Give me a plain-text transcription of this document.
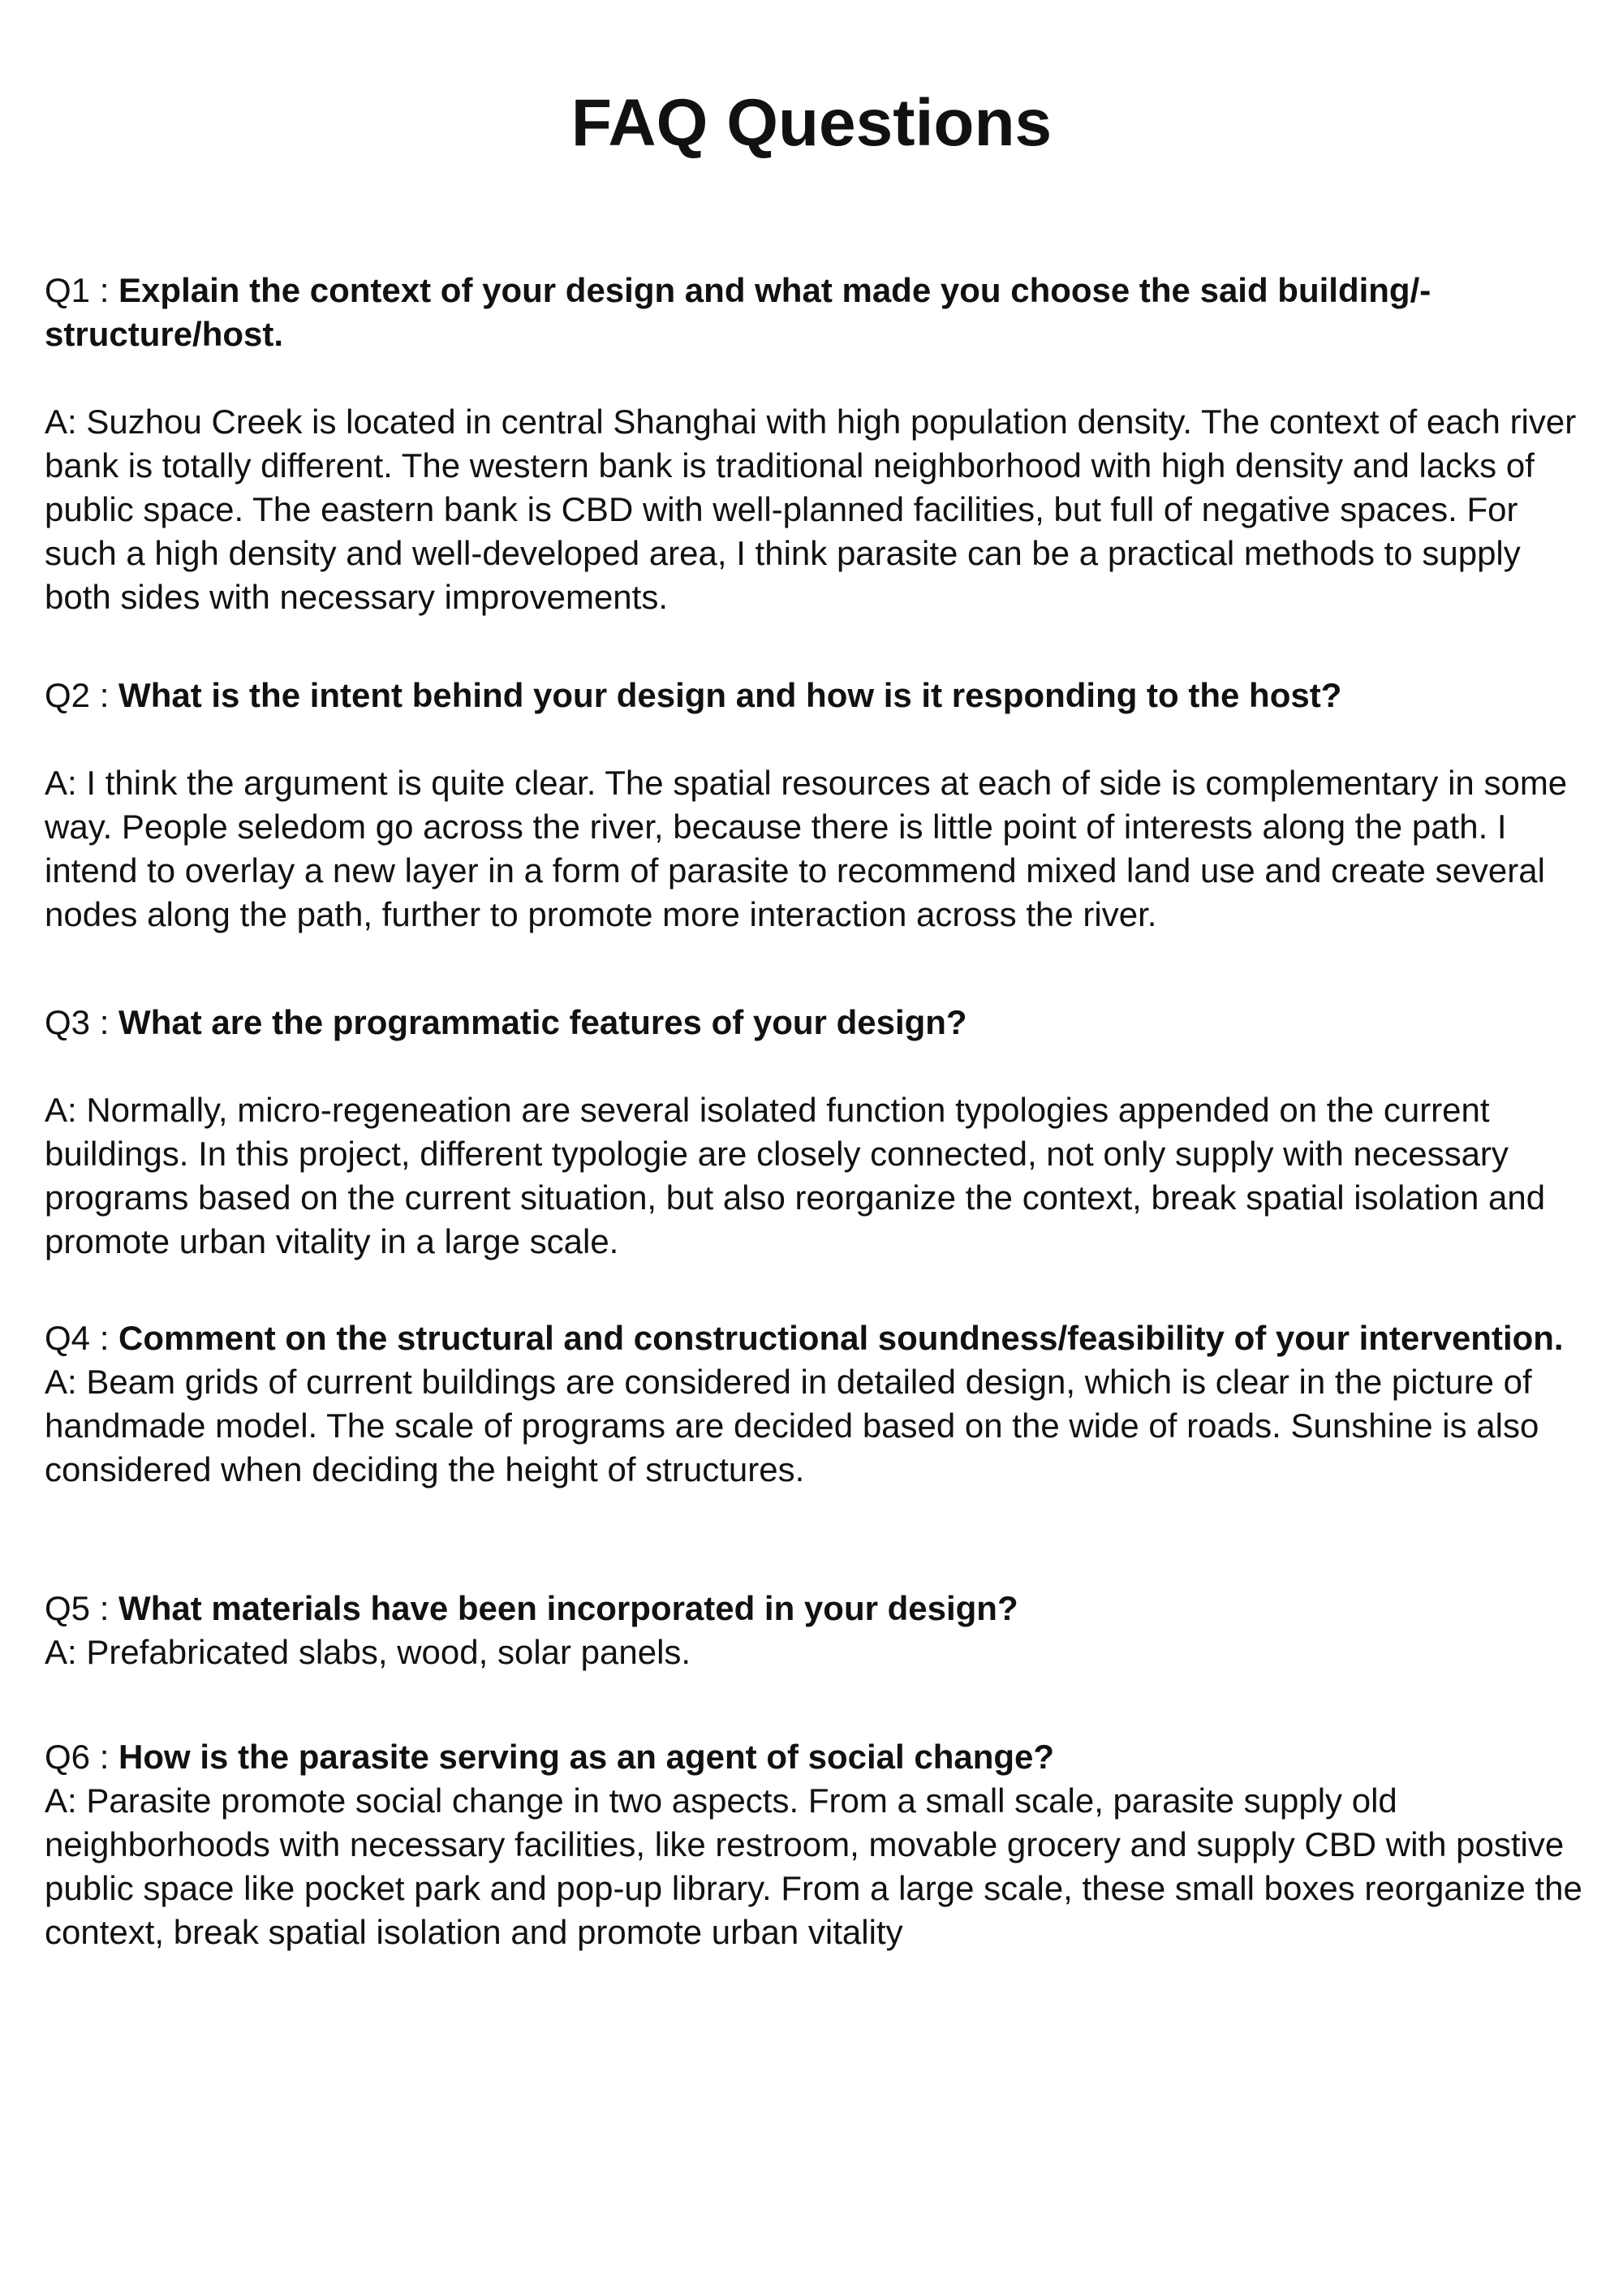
FAQ Questions

Q1 : Explain the context of your design and what made you choose the said building/-structure/host.

A: Suzhou Creek is located in central Shanghai with high population density. The context of each river bank is totally different. The western bank is traditional neighborhood with high density and lacks of public space. The eastern bank is CBD with well-planned facilities, but full of negative spaces. For such a high density and well-developed area, I think parasite can be a practical methods to supply both sides with necessary improvements.

Q2 : What is the intent behind your design and how is it responding to the host?

A: I think the argument is quite clear. The spatial resources at each of side is complementary in some way. People seledom go across the river, because there is little point of interests along the path. I intend to overlay a new layer in a form of parasite to recommend mixed land use and create several nodes along the path, further to promote more interaction across the river.

Q3 : What are the programmatic features of your design?

A: Normally, micro-regeneation are several isolated function typologies appended on the current buildings. In this project, different typologie are closely connected, not only supply with necessary programs based on the current situation, but also reorganize the context, break spatial isolation and promote urban vitality in a large scale.

Q4 : Comment on the structural and constructional soundness/feasibility of your intervention.

A: Beam grids of current buildings are considered in detailed design, which is clear in the picture of handmade model. The scale of programs are decided based on the wide of roads. Sunshine is also considered when deciding the height of structures.

Q5 : What materials have been incorporated in your design?

A: Prefabricated slabs, wood, solar panels.

Q6 : How is the parasite serving as an agent of social change?

A: Parasite promote social change in two aspects. From a small scale, parasite supply old neighborhoods with necessary facilities, like restroom, movable grocery and supply CBD with postive public space like pocket park and pop-up library. From a large scale, these small boxes reorganize the context, break spatial isolation and promote urban vitality
